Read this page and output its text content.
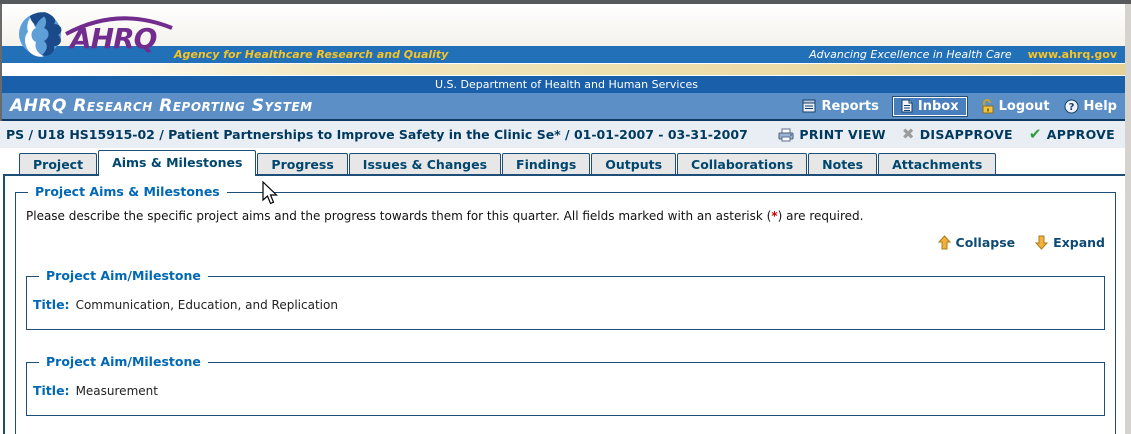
AHRQ Agency for Healthcare Research and Quality	Advancing Excellence in Health Care www.ahrq.gov
U.S. Department of Health and Human Services
AHRQ Research Reporting System	Reports	Inbox	Logout ? Help
PS / U18 HS15915-02 / Patient Partnerships to Improve Safety in the Clinic Se* / 01-01-2007 - 03-31-2007	PRINT VIEW ✖ DISAPPROVE ✔ APPROVE
Project	Aims & Milestones	Progress	Issues & Changes	Findings	Outputs	Collaborations	Notes	Attachments
Project Aims & Milestones
Please describe the specific project aims and the progress towards them for this quarter. All fields marked with an asterisk (*) are required.
Collapse	Expand
Project Aim/Milestone
Title: Communication, Education, and Replication
Project Aim/Milestone
Title: Measurement
